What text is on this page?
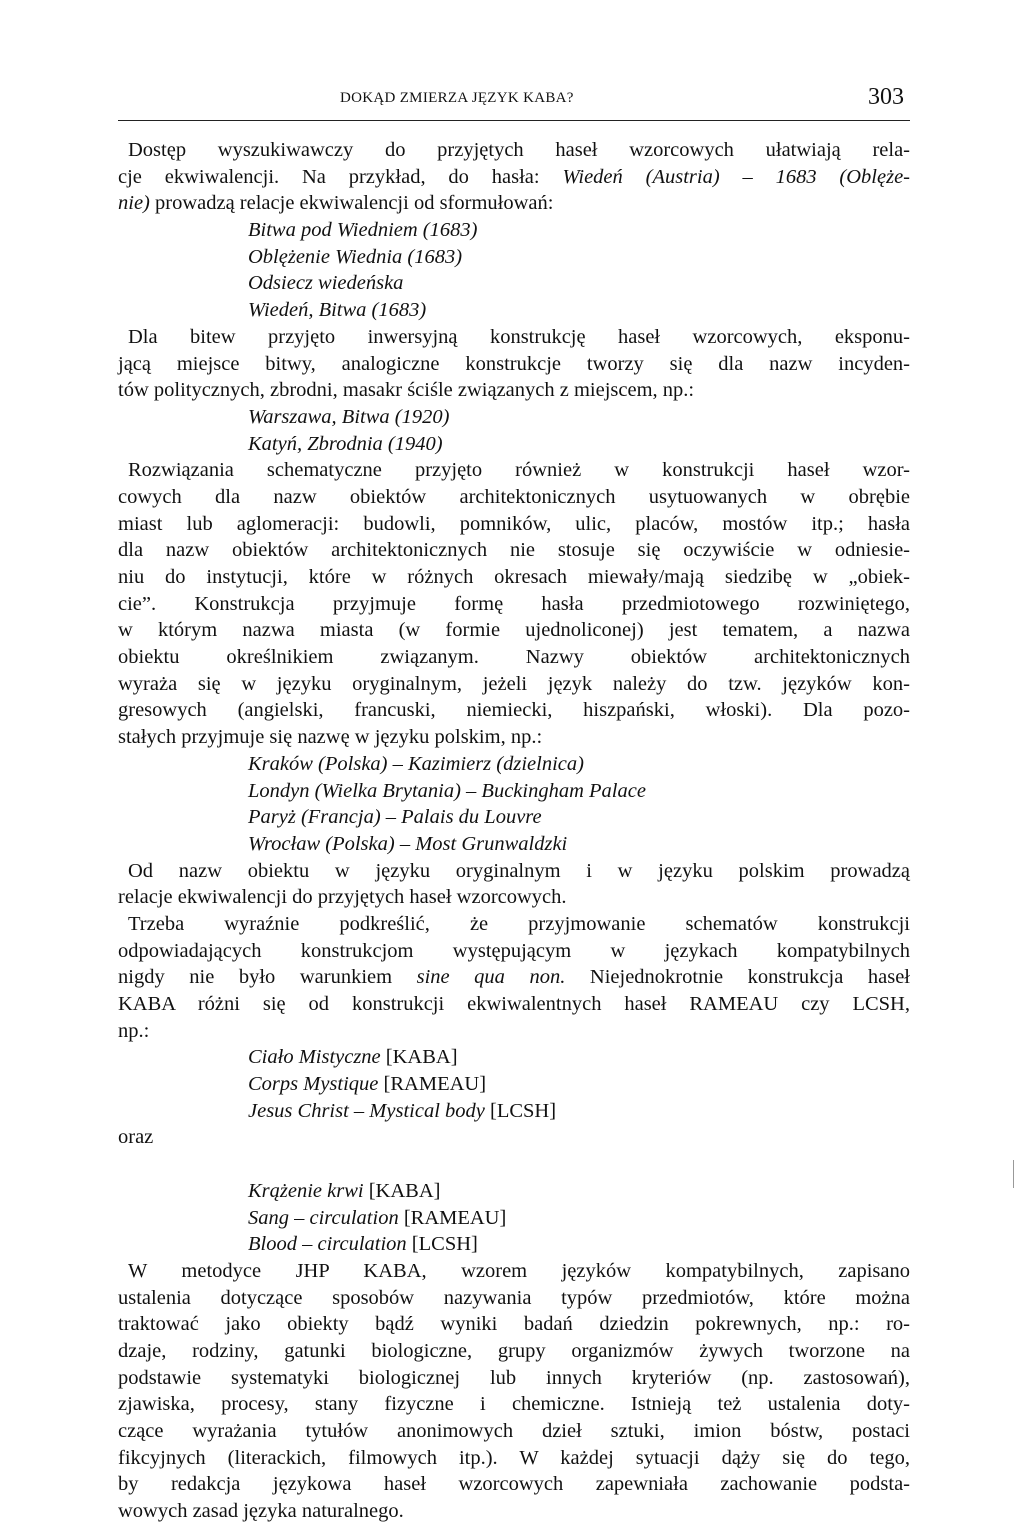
DOKĄD ZMIERZA JĘZYK KABA?	303
Dostęp wyszukiwawczy do przyjętych haseł wzorcowych ułatwiają rela-
cje ekwiwalencji. Na przykład, do hasła: Wiedeń (Austria) – 1683 (Oblęże-
nie) prowadzą relacje ekwiwalencji od sformułowań:
Bitwa pod Wiedniem (1683)
Oblężenie Wiednia (1683)
Odsiecz wiedeńska
Wiedeń, Bitwa (1683)
Dla bitew przyjęto inwersyjną konstrukcję haseł wzorcowych, eksponu-
jącą miejsce bitwy, analogiczne konstrukcje tworzy się dla nazw incyden-
tów politycznych, zbrodni, masakr ściśle związanych z miejscem, np.:
Warszawa, Bitwa (1920)
Katyń, Zbrodnia (1940)
Rozwiązania schematyczne przyjęto również w konstrukcji haseł wzor-
cowych dla nazw obiektów architektonicznych usytuowanych w obrębie
miast lub aglomeracji: budowli, pomników, ulic, placów, mostów itp.; hasła
dla nazw obiektów architektonicznych nie stosuje się oczywiście w odniesie-
niu do instytucji, które w różnych okresach miewały/mają siedzibę w „obiek-
cie”. Konstrukcja przyjmuje formę hasła przedmiotowego rozwiniętego,
w którym nazwa miasta (w formie ujednoliconej) jest tematem, a nazwa
obiektu określnikiem związanym. Nazwy obiektów architektonicznych
wyraża się w języku oryginalnym, jeżeli język należy do tzw. języków kon-
gresowych (angielski, francuski, niemiecki, hiszpański, włoski). Dla pozo-
stałych przyjmuje się nazwę w języku polskim, np.:
Kraków (Polska) – Kazimierz (dzielnica)
Londyn (Wielka Brytania) – Buckingham Palace
Paryż (Francja) – Palais du Louvre
Wrocław (Polska) – Most Grunwaldzki
Od nazw obiektu w języku oryginalnym i w języku polskim prowadzą
relacje ekwiwalencji do przyjętych haseł wzorcowych.
Trzeba wyraźnie podkreślić, że przyjmowanie schematów konstrukcji
odpowiadających konstrukcjom występującym w językach kompatybilnych
nigdy nie było warunkiem sine qua non. Niejednokrotnie konstrukcja haseł
KABA różni się od konstrukcji ekwiwalentnych haseł RAMEAU czy LCSH,
np.:
Ciało Mistyczne [KABA]
Corps Mystique [RAMEAU]
Jesus Christ – Mystical body [LCSH]
oraz

Krążenie krwi [KABA]
Sang – circulation [RAMEAU]
Blood – circulation [LCSH]
W metodyce JHP KABA, wzorem języków kompatybilnych, zapisano
ustalenia dotyczące sposobów nazywania typów przedmiotów, które można
traktować jako obiekty bądź wyniki badań dziedzin pokrewnych, np.: ro-
dzaje, rodziny, gatunki biologiczne, grupy organizmów żywych tworzone na
podstawie systematyki biologicznej lub innych kryteriów (np. zastosowań),
zjawiska, procesy, stany fizyczne i chemiczne. Istnieją też ustalenia doty-
czące wyrażania tytułów anonimowych dzieł sztuki, imion bóstw, postaci
fikcyjnych (literackich, filmowych itp.). W każdej sytuacji dąży się do tego,
by redakcja językowa haseł wzorcowych zapewniała zachowanie podsta-
wowych zasad języka naturalnego.
